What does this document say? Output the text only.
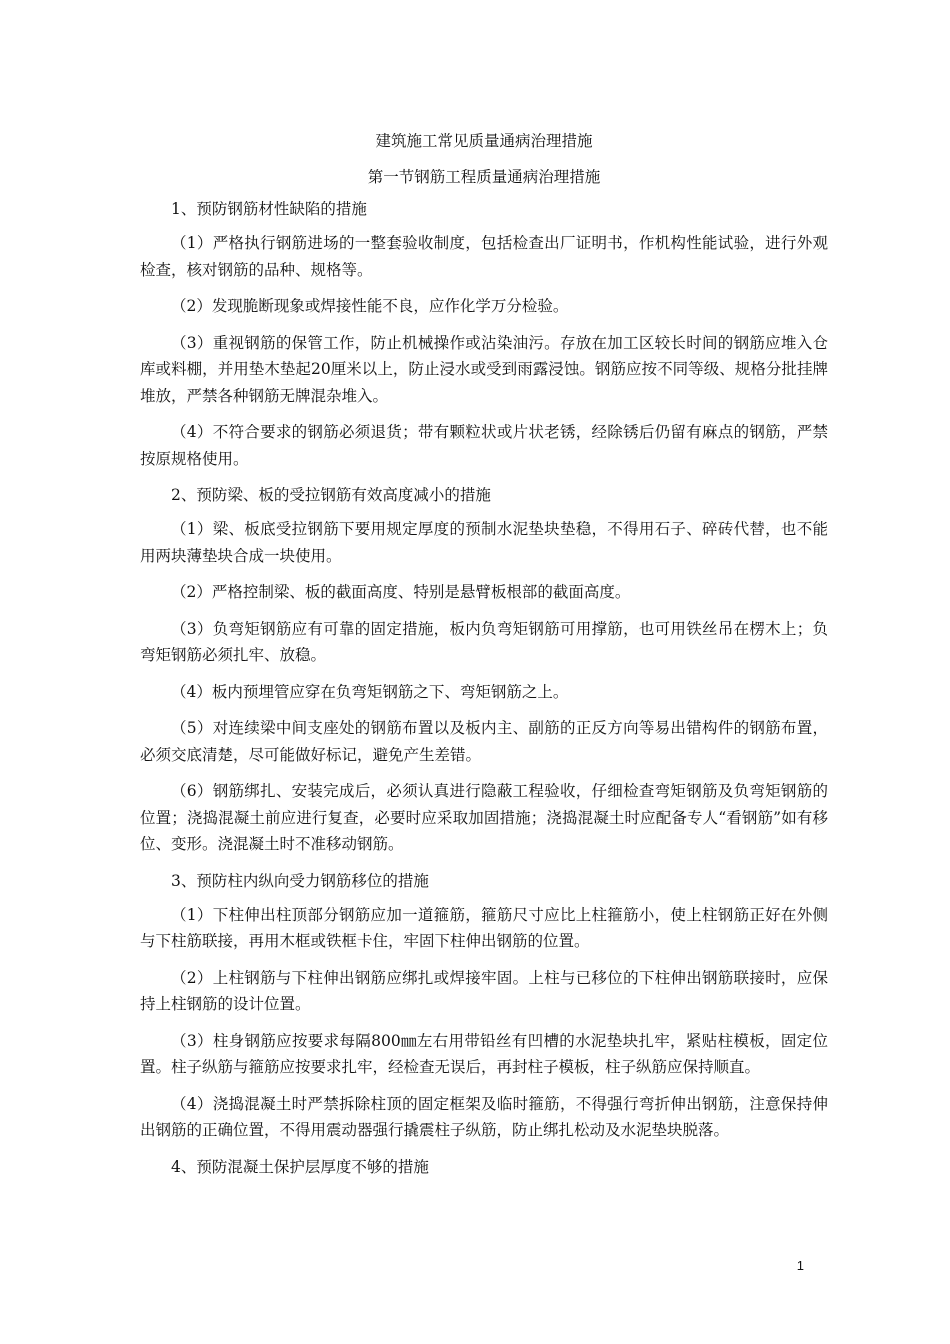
建筑施工常见质量通病治理措施
第一节钢筋工程质量通病治理措施
1、预防钢筋材性缺陷的措施
（1）严格执行钢筋进场的一整套验收制度，包括检查出厂证明书，作机构性能试验，进行外观检查，核对钢筋的品种、规格等。
（2）发现脆断现象或焊接性能不良，应作化学万分检验。
（3）重视钢筋的保管工作，防止机械操作或沾染油污。存放在加工区较长时间的钢筋应堆入仓库或料棚，并用垫木垫起20厘米以上，防止浸水或受到雨露浸蚀。钢筋应按不同等级、规格分批挂牌堆放，严禁各种钢筋无牌混杂堆入。
（4）不符合要求的钢筋必须退货；带有颗粒状或片状老锈，经除锈后仍留有麻点的钢筋，严禁按原规格使用。
2、预防梁、板的受拉钢筋有效高度减小的措施
（1）梁、板底受拉钢筋下要用规定厚度的预制水泥垫块垫稳，不得用石子、碎砖代替，也不能用两块薄垫块合成一块使用。
（2）严格控制梁、板的截面高度、特别是悬臂板根部的截面高度。
（3）负弯矩钢筋应有可靠的固定措施，板内负弯矩钢筋可用撑筋，也可用铁丝吊在楞木上；负弯矩钢筋必须扎牢、放稳。
（4）板内预埋管应穿在负弯矩钢筋之下、弯矩钢筋之上。
（5）对连续梁中间支座处的钢筋布置以及板内主、副筋的正反方向等易出错构件的钢筋布置，必须交底清楚，尽可能做好标记，避免产生差错。
（6）钢筋绑扎、安装完成后，必须认真进行隐蔽工程验收，仔细检查弯矩钢筋及负弯矩钢筋的位置；浇捣混凝土前应进行复查，必要时应采取加固措施；浇捣混凝土时应配备专人“看钢筋”如有移位、变形。浇混凝土时不准移动钢筋。
3、预防柱内纵向受力钢筋移位的措施
（1）下柱伸出柱顶部分钢筋应加一道箍筋，箍筋尺寸应比上柱箍筋小，使上柱钢筋正好在外侧与下柱筋联接，再用木框或铁框卡住，牢固下柱伸出钢筋的位置。
（2）上柱钢筋与下柱伸出钢筋应绑扎或焊接牢固。上柱与已移位的下柱伸出钢筋联接时，应保持上柱钢筋的设计位置。
（3）柱身钢筋应按要求每隔800㎜左右用带铅丝有凹槽的水泥垫块扎牢，紧贴柱模板，固定位置。柱子纵筋与箍筋应按要求扎牢，经检查无误后，再封柱子模板，柱子纵筋应保持顺直。
（4）浇捣混凝土时严禁拆除柱顶的固定框架及临时箍筋，不得强行弯折伸出钢筋，注意保持伸出钢筋的正确位置，不得用震动器强行撬震柱子纵筋，防止绑扎松动及水泥垫块脱落。
4、预防混凝土保护层厚度不够的措施
1
